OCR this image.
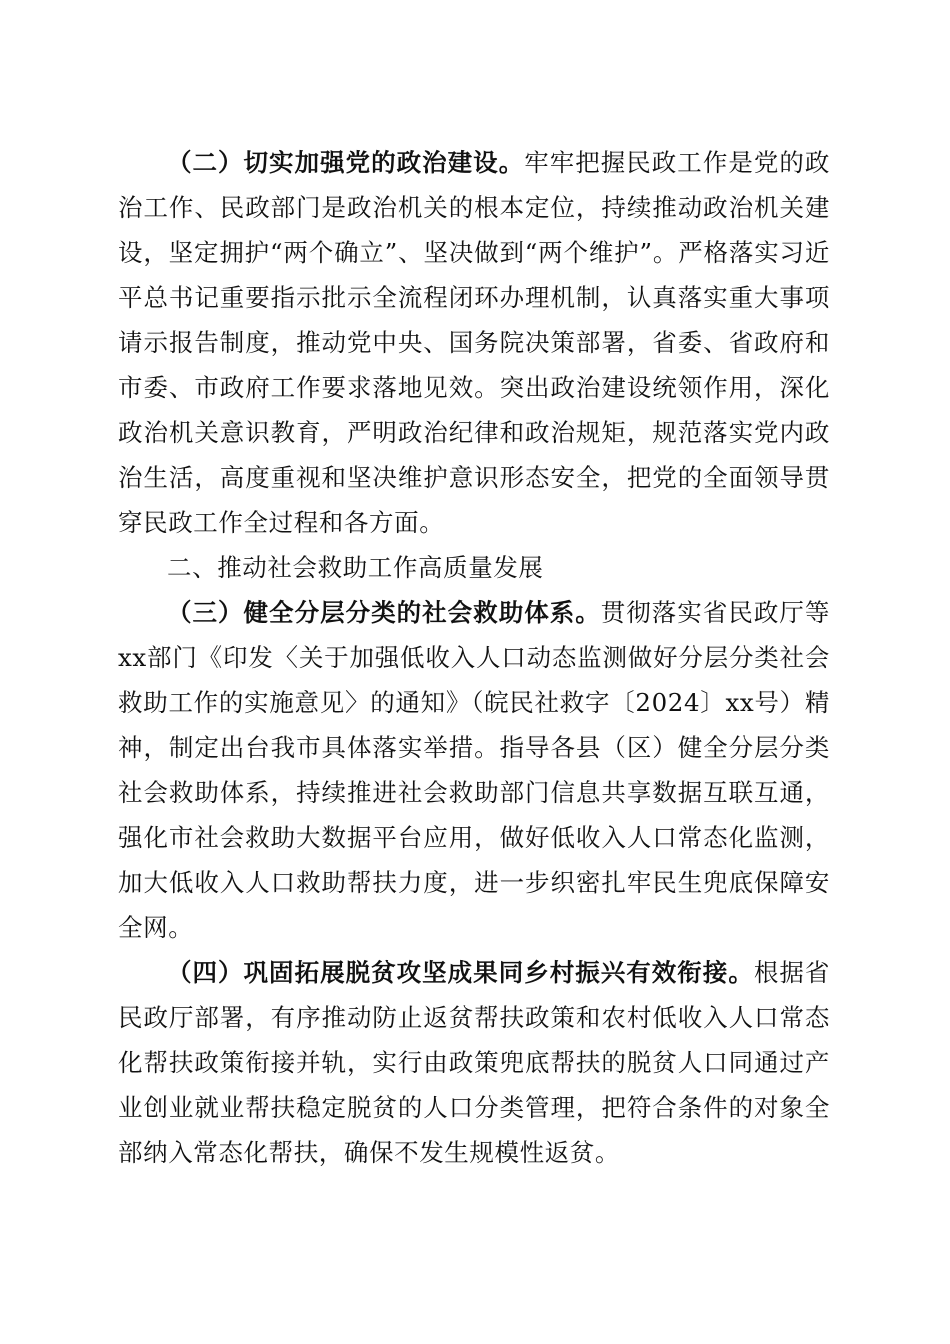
（二）切实加强党的政治建设。牢牢把握民政工作是党的政治工作、民政部门是政治机关的根本定位，持续推动政治机关建设，坚定拥护“两个确立”、坚决做到“两个维护”。严格落实习近平总书记重要指示批示全流程闭环办理机制，认真落实重大事项请示报告制度，推动党中央、国务院决策部署，省委、省政府和市委、市政府工作要求落地见效。突出政治建设统领作用，深化政治机关意识教育，严明政治纪律和政治规矩，规范落实党内政治生活，高度重视和坚决维护意识形态安全，把党的全面领导贯穿民政工作全过程和各方面。

二、推动社会救助工作高质量发展

（三）健全分层分类的社会救助体系。贯彻落实省民政厅等xx部门《印发〈关于加强低收入人口动态监测做好分层分类社会救助工作的实施意见〉的通知》（皖民社救字〔2024〕xx号）精神，制定出台我市具体落实举措。指导各县（区）健全分层分类社会救助体系，持续推进社会救助部门信息共享数据互联互通，强化市社会救助大数据平台应用，做好低收入人口常态化监测，加大低收入人口救助帮扶力度，进一步织密扎牢民生兜底保障安全网。

（四）巩固拓展脱贫攻坚成果同乡村振兴有效衔接。根据省民政厅部署，有序推动防止返贫帮扶政策和农村低收入人口常态化帮扶政策衔接并轨，实行由政策兜底帮扶的脱贫人口同通过产业创业就业帮扶稳定脱贫的人口分类管理，把符合条件的对象全部纳入常态化帮扶，确保不发生规模性返贫。
